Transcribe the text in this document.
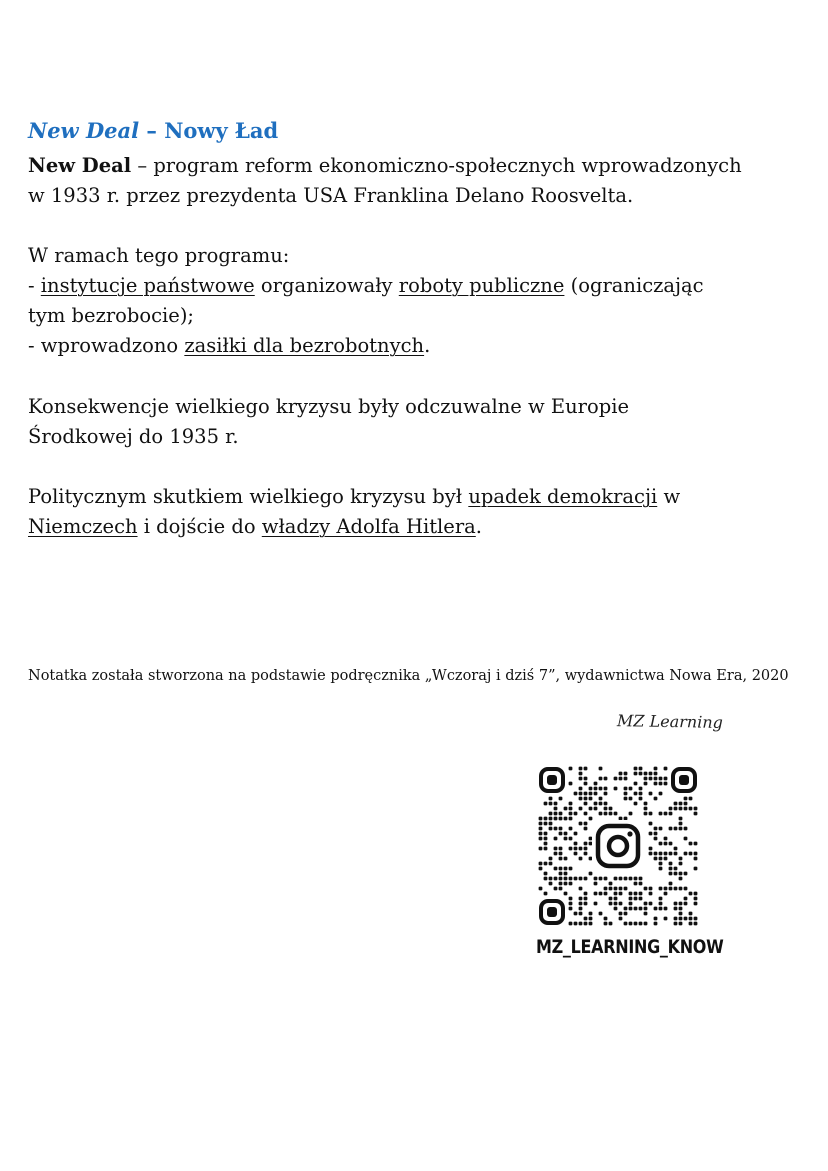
New Deal – Nowy Ład

New Deal – program reform ekonomiczno-społecznych wprowadzonych
w 1933 r. przez prezydenta USA Franklina Delano Roosvelta.

W ramach tego programu:
- instytucje państwowe organizowały roboty publiczne (ograniczając
tym bezrobocie);
- wprowadzono zasiłki dla bezrobotnych.

Konsekwencje wielkiego kryzysu były odczuwalne w Europie
Środkowej do 1935 r.

Politycznym skutkiem wielkiego kryzysu był upadek demokracji w
Niemczech i dojście do władzy Adolfa Hitlera.

Notatka została stworzona na podstawie podręcznika „Wczoraj i dziś 7”, wydawnictwa Nowa Era, 2020

MZ Learning
MZ_LEARNING_KNOW
